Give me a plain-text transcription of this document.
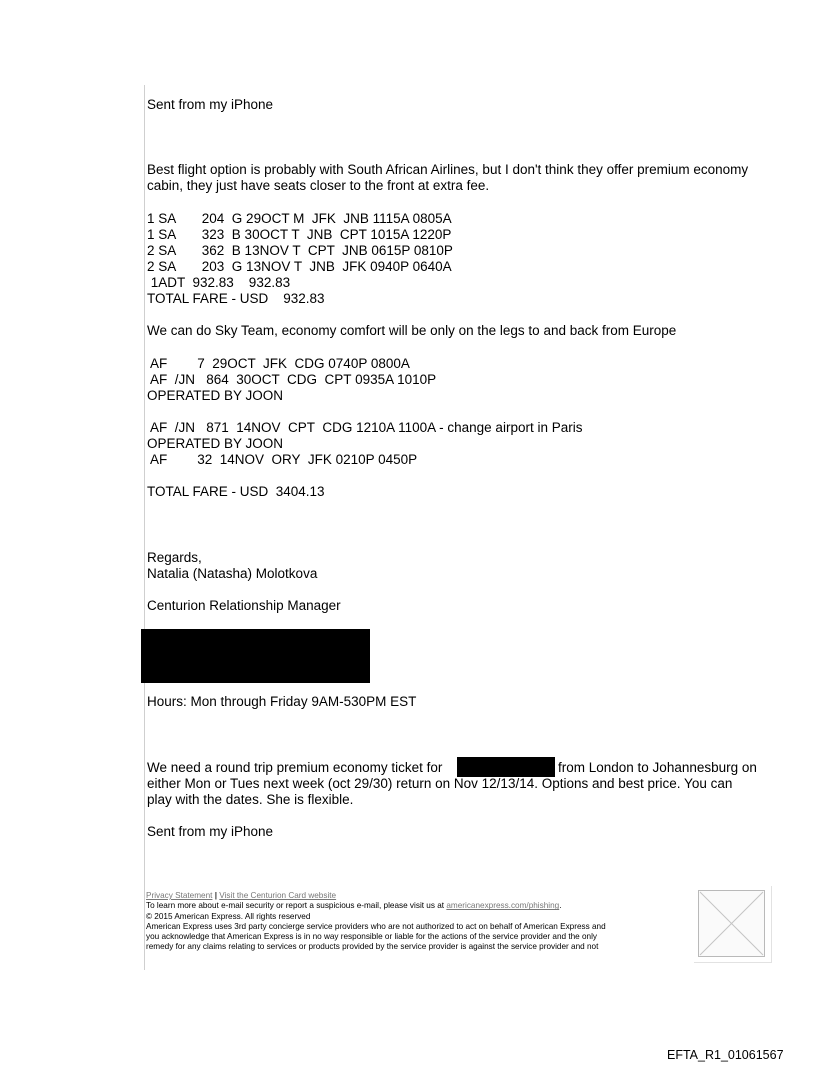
Sent from my iPhone
Best flight option is probably with South African Airlines, but I don't think they offer premium economy cabin, they just have seats closer to the front at extra fee.
1 SA       204  G 29OCT M  JFK  JNB 1115A 0805A
1 SA       323  B 30OCT T  JNB  CPT 1015A 1220P
2 SA       362  B 13NOV T  CPT  JNB 0615P 0810P
2 SA       203  G 13NOV T  JNB  JFK 0940P 0640A
1ADT  932.83    932.83
TOTAL FARE - USD    932.83
We can do Sky Team, economy comfort will be only on the legs to and back from Europe
AF        7  29OCT  JFK  CDG 0740P 0800A
AF  /JN   864  30OCT  CDG  CPT 0935A 1010P
OPERATED BY JOON
AF  /JN   871  14NOV  CPT  CDG 1210A 1100A - change airport in Paris
OPERATED BY JOON
AF        32  14NOV  ORY  JFK 0210P 0450P
TOTAL FARE - USD  3404.13
Regards,
Natalia (Natasha) Molotkova
Centurion Relationship Manager
Hours: Mon through Friday 9AM-530PM EST
We need a round trip premium economy ticket for	from London to Johannesburg on
either Mon or Tues next week (oct 29/30) return on Nov 12/13/14. Options and best price. You can
play with the dates. She is flexible.
Sent from my iPhone
Privacy Statement | Visit the Centurion Card website
To learn more about e-mail security or report a suspicious e-mail, please visit us at americanexpress.com/phishing.
© 2015 American Express. All rights reserved
American Express uses 3rd party concierge service providers who are not authorized to act on behalf of American Express and
you acknowledge that American Express is in no way responsible or liable for the actions of the service provider and the only
remedy for any claims relating to services or products provided by the service provider is against the service provider and not
EFTA_R1_01061567
